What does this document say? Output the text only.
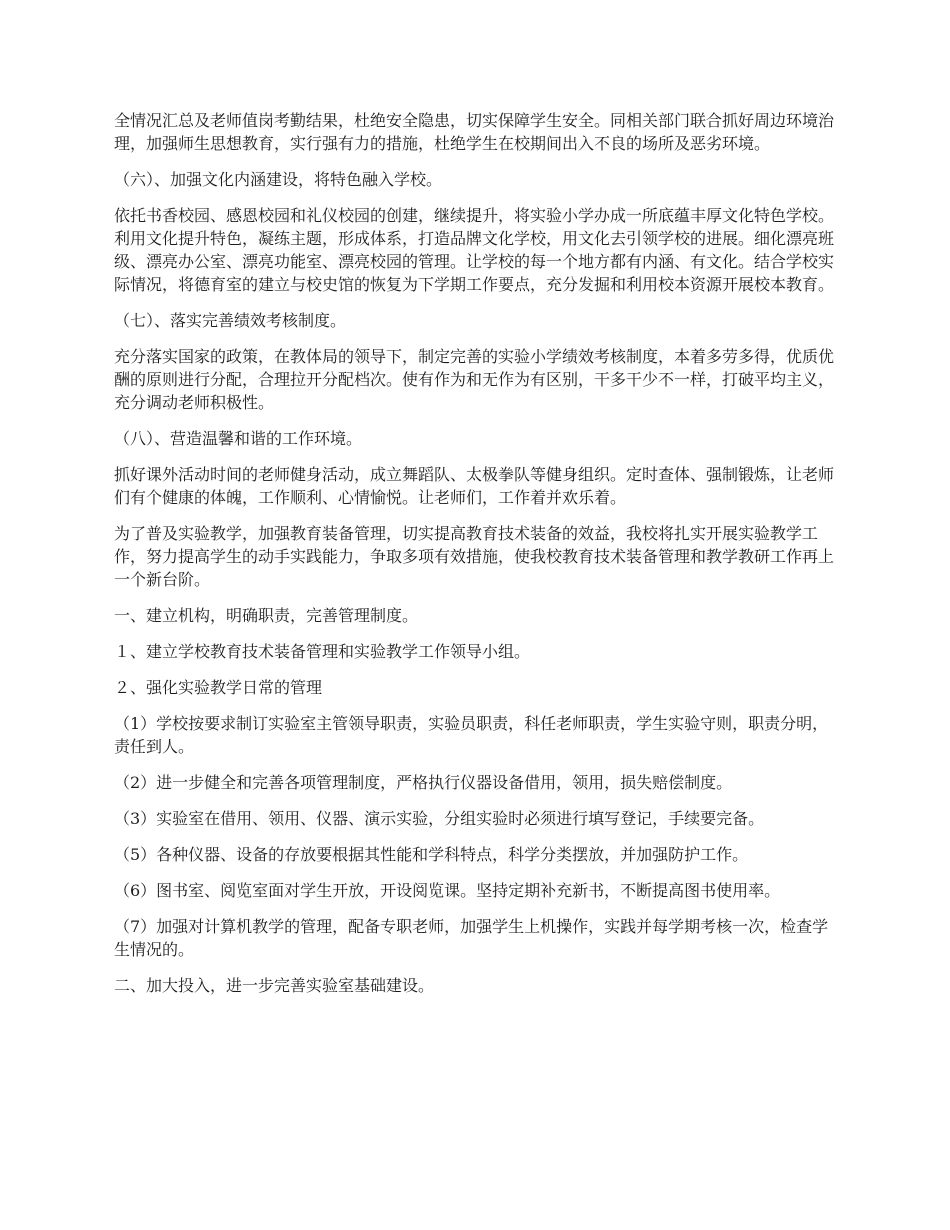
全情况汇总及老师值岗考勤结果，杜绝安全隐患，切实保障学生安全。同相关部门联合抓好周边环境治理，加强师生思想教育，实行强有力的措施，杜绝学生在校期间出入不良的场所及恶劣环境。

（六）、加强文化内涵建设，将特色融入学校。

依托书香校园、感恩校园和礼仪校园的创建，继续提升，将实验小学办成一所底蕴丰厚文化特色学校。利用文化提升特色，凝练主题，形成体系，打造品牌文化学校，用文化去引领学校的进展。细化漂亮班级、漂亮办公室、漂亮功能室、漂亮校园的管理。让学校的每一个地方都有内涵、有文化。结合学校实际情况，将德育室的建立与校史馆的恢复为下学期工作要点，充分发掘和利用校本资源开展校本教育。

（七）、落实完善绩效考核制度。

充分落实国家的政策，在教体局的领导下，制定完善的实验小学绩效考核制度，本着多劳多得，优质优酬的原则进行分配，合理拉开分配档次。使有作为和无作为有区别，干多干少不一样，打破平均主义，充分调动老师积极性。

（八）、营造温馨和谐的工作环境。

抓好课外活动时间的老师健身活动，成立舞蹈队、太极拳队等健身组织。定时查体、强制锻炼，让老师们有个健康的体魄，工作顺利、心情愉悦。让老师们，工作着并欢乐着。

为了普及实验教学，加强教育装备管理，切实提高教育技术装备的效益，我校将扎实开展实验教学工作，努力提高学生的动手实践能力，争取多项有效措施，使我校教育技术装备管理和教学教研工作再上一个新台阶。

一、建立机构，明确职责，完善管理制度。

１、建立学校教育技术装备管理和实验教学工作领导小组。

２、强化实验教学日常的管理

（1）学校按要求制订实验室主管领导职责，实验员职责，科任老师职责，学生实验守则，职责分明，责任到人。

（2）进一步健全和完善各项管理制度，严格执行仪器设备借用，领用，损失赔偿制度。

（3）实验室在借用、领用、仪器、演示实验，分组实验时必须进行填写登记，手续要完备。

（5）各种仪器、设备的存放要根据其性能和学科特点，科学分类摆放，并加强防护工作。

（6）图书室、阅览室面对学生开放，开设阅览课。坚持定期补充新书，不断提高图书使用率。

（7）加强对计算机教学的管理，配备专职老师，加强学生上机操作，实践并每学期考核一次，检查学生情况的。

二、加大投入，进一步完善实验室基础建设。
